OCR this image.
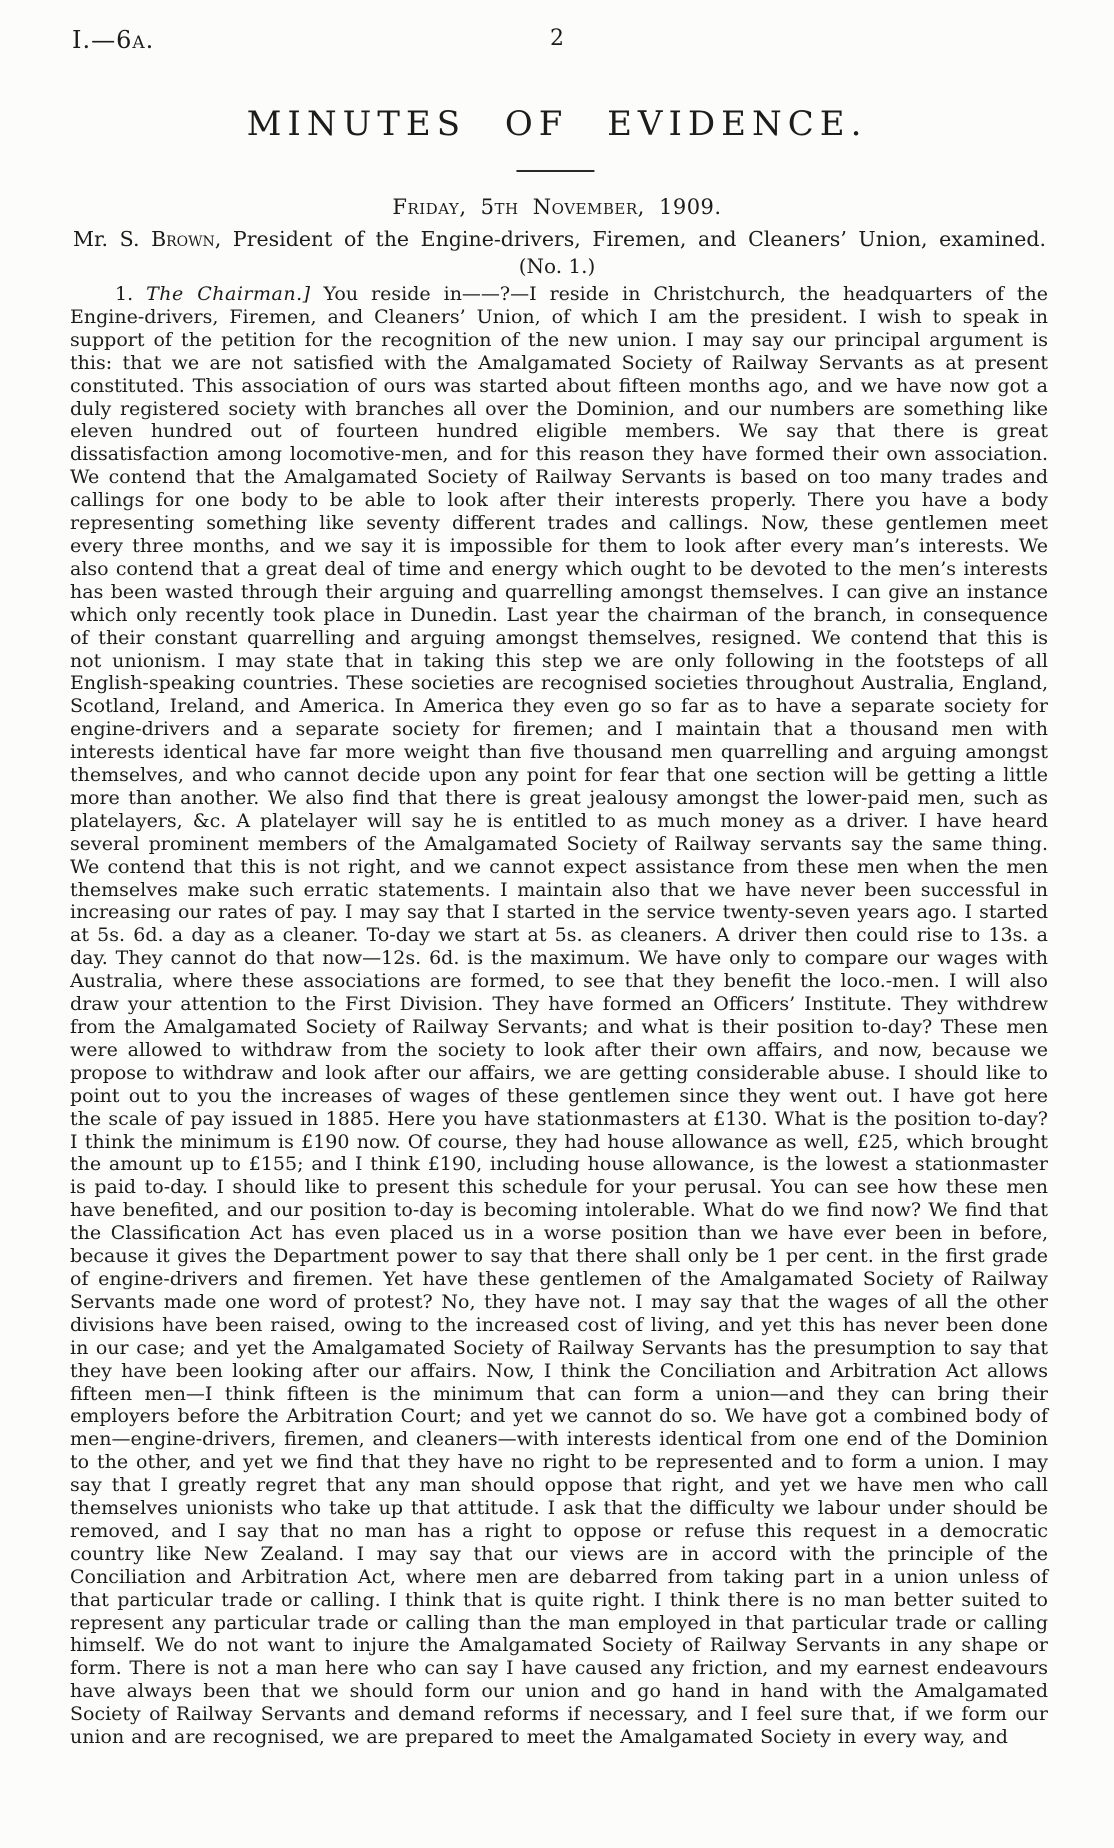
I.—6a.	2
MINUTES OF EVIDENCE.
Friday, 5th November, 1909.
Mr. S. Brown, President of the Engine-drivers, Firemen, and Cleaners’ Union, examined.
(No. 1.)

1. The Chairman.] You reside in——?—I reside in Christchurch, the headquarters of the Engine-drivers, Firemen, and Cleaners’ Union, of which I am the president. I wish to speak in support of the petition for the recognition of the new union. I may say our principal argument is this: that we are not satisfied with the Amalgamated Society of Railway Servants as at present constituted. This association of ours was started about fifteen months ago, and we have now got a duly registered society with branches all over the Dominion, and our numbers are something like eleven hundred out of fourteen hundred eligible members. We say that there is great dissatisfaction among locomotive-men, and for this reason they have formed their own association. We contend that the Amalgamated Society of Railway Servants is based on too many trades and callings for one body to be able to look after their interests properly. There you have a body representing something like seventy different trades and callings. Now, these gentlemen meet every three months, and we say it is impossible for them to look after every man’s interests. We also contend that a great deal of time and energy which ought to be devoted to the men’s interests has been wasted through their arguing and quarrelling amongst themselves. I can give an instance which only recently took place in Dunedin. Last year the chairman of the branch, in consequence of their constant quarrelling and arguing amongst themselves, resigned. We contend that this is not unionism. I may state that in taking this step we are only following in the footsteps of all English-speaking countries. These societies are recognised societies throughout Australia, England, Scotland, Ireland, and America. In America they even go so far as to have a separate society for engine-drivers and a separate society for firemen; and I maintain that a thousand men with interests identical have far more weight than five thousand men quarrelling and arguing amongst themselves, and who cannot decide upon any point for fear that one section will be getting a little more than another. We also find that there is great jealousy amongst the lower-paid men, such as platelayers, &c. A platelayer will say he is entitled to as much money as a driver. I have heard several prominent members of the Amalgamated Society of Railway servants say the same thing. We contend that this is not right, and we cannot expect assistance from these men when the men themselves make such erratic statements. I maintain also that we have never been successful in increasing our rates of pay. I may say that I started in the service twenty-seven years ago. I started at 5s. 6d. a day as a cleaner. To-day we start at 5s. as cleaners. A driver then could rise to 13s. a day. They cannot do that now—12s. 6d. is the maximum. We have only to compare our wages with Australia, where these associations are formed, to see that they benefit the loco.-men. I will also draw your attention to the First Division. They have formed an Officers’ Institute. They withdrew from the Amalgamated Society of Railway Servants; and what is their position to-day? These men were allowed to withdraw from the society to look after their own affairs, and now, because we propose to withdraw and look after our affairs, we are getting considerable abuse. I should like to point out to you the increases of wages of these gentlemen since they went out. I have got here the scale of pay issued in 1885. Here you have stationmasters at £130. What is the position to-day? I think the minimum is £190 now. Of course, they had house allowance as well, £25, which brought the amount up to £155; and I think £190, including house allowance, is the lowest a stationmaster is paid to-day. I should like to present this schedule for your perusal. You can see how these men have benefited, and our position to-day is becoming intolerable. What do we find now? We find that the Classification Act has even placed us in a worse position than we have ever been in before, because it gives the Department power to say that there shall only be 1 per cent. in the first grade of engine-drivers and firemen. Yet have these gentlemen of the Amalgamated Society of Railway Servants made one word of protest? No, they have not. I may say that the wages of all the other divisions have been raised, owing to the increased cost of living, and yet this has never been done in our case; and yet the Amalgamated Society of Railway Servants has the presumption to say that they have been looking after our affairs. Now, I think the Conciliation and Arbitration Act allows fifteen men—I think fifteen is the minimum that can form a union—and they can bring their employers before the Arbitration Court; and yet we cannot do so. We have got a combined body of men—engine-drivers, firemen, and cleaners—with interests identical from one end of the Dominion to the other, and yet we find that they have no right to be represented and to form a union. I may say that I greatly regret that any man should oppose that right, and yet we have men who call themselves unionists who take up that attitude. I ask that the difficulty we labour under should be removed, and I say that no man has a right to oppose or refuse this request in a democratic country like New Zealand. I may say that our views are in accord with the principle of the Conciliation and Arbitration Act, where men are debarred from taking part in a union unless of that particular trade or calling. I think that is quite right. I think there is no man better suited to represent any particular trade or calling than the man employed in that particular trade or calling himself. We do not want to injure the Amalgamated Society of Railway Servants in any shape or form. There is not a man here who can say I have caused any friction, and my earnest endeavours have always been that we should form our union and go hand in hand with the Amalgamated Society of Railway Servants and demand reforms if necessary, and I feel sure that, if we form our union and are recognised, we are prepared to meet the Amalgamated Society in every way, and
